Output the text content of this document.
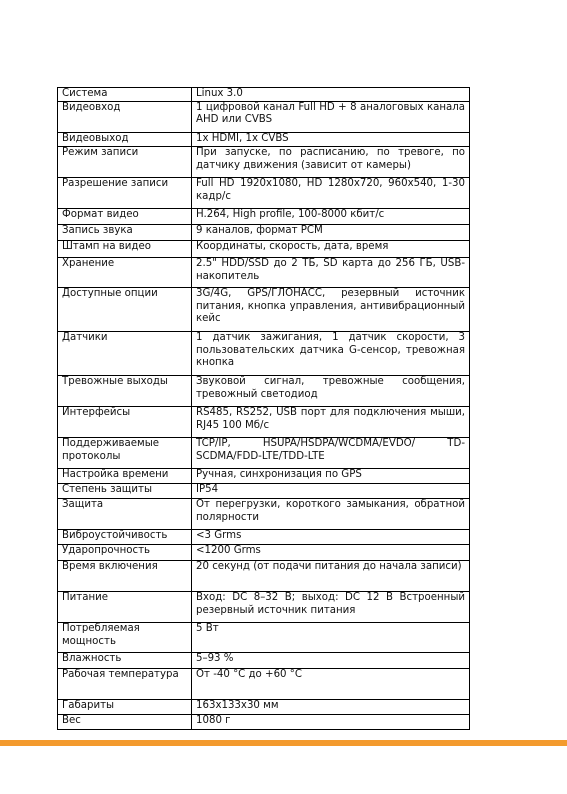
Система	Linux 3.0
Видеовход	1 цифровой канал Full HD + 8 аналоговых канала AHD или CVBS
Видеовыход	1x HDMI, 1x CVBS
Режим записи	При запуске, по расписанию, по тревоге, по датчику движения (зависит от камеры)
Разрешение записи	Full HD 1920x1080, HD 1280x720, 960x540, 1-30 кадр/с
Формат видео	H.264, High profile, 100-8000 кбит/с
Запись звука	9 каналов, формат PCM
Штамп на видео	Координаты, скорость, дата, время
Хранение	2.5" HDD/SSD до 2 ТБ, SD карта до 256 ГБ, USB-накопитель
Доступные опции	3G/4G, GPS/ГЛОНАСС, резервный источник питания, кнопка управления, антивибрационный кейс
Датчики	1 датчик зажигания, 1 датчик скорости, 3 пользовательских датчика G-сенсор, тревожная кнопка
Тревожные выходы	Звуковой сигнал, тревожные сообщения, тревожный светодиод
Интерфейсы	RS485, RS252, USB порт для подключения мыши, RJ45 100 Мб/с
Поддерживаемые протоколы	TCP/IP, HSUPA/HSDPA/WCDMA/EVDO/ TD-SCDMA/FDD-LTE/TDD-LTE
Настройка времени	Ручная, синхронизация по GPS
Степень защиты	IP54
Защита	От перегрузки, короткого замыкания, обратной полярности
Виброустойчивость	<3 Grms
Ударопрочность	<1200 Grms
Время включения	20 секунд (от подачи питания до начала записи)
Питание	Вход: DC 8–32 В; выход: DC 12 В Встроенный резервный источник питания
Потребляемая мощность	5 Вт
Влажность	5–93 %
Рабочая температура	От -40 °C до +60 °C
Габариты	163x133x30 мм
Вес	1080 г
